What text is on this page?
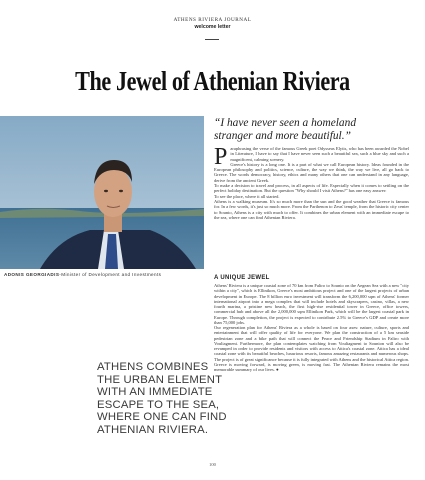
ATHENS RIVIERA JOURNAL
welcome letter
The Jewel of Athenian Riviera
ADONIS GEORGIADIS-Minister of Development and Investments
“I have never seen a homeland
stranger and more beautiful.”
Paraphrasing the verse of the famous Greek poet Odysseas Elytis, who has been awarded the Nobel in Literature, I have to say that I have never seen such a beautiful sea, such a blue sky and such a magnificent, calming scenery.
Greece's history is a long one. It is a part of what we call European history. Ideas founded in the European philosophy and politics, science, culture, the way we think, the way we live, all go back to Greece. The words democracy, history, ethics and many others that one can understand in any language, derive from the ancient Greek.
To make a decision to travel and process, in all aspects of life. Especially when it comes to settling on the perfect holiday destination. But the question "Why should I visit Athens?" has one easy answer:
To see the place, where it all started.
Athens is a walking museum. It's so much more than the sun and the good weather that Greece is famous for. In a few words, it's just so much more. From the Parthenon to Zeus' temple, from the historic city center to Sounio, Athens is a city with much to offer. It combines the urban element with an immediate escape to the sea, where one can find Athenian Riviera.
ATHENS COMBINES
THE URBAN ELEMENT
WITH AN IMMEDIATE
ESCAPE TO THE SEA,
WHERE ONE CAN FIND
ATHENIAN RIVIERA.
A UNIQUE JEWEL
Athens' Riviera is a unique coastal zone of 70 km from Faliro to Sounio on the Aegean Sea with a new "city within a city", which is Ellinikon, Greece's most ambitious project and one of the largest projects of urban development in Europe. The 8 billion euro investment will transform the 6,200,000 sqm of Athens' former international airport into a mega complex that will include hotels and skyscrapers, casino, villas, a new fourth marina, a pristine new beach, the first high-rise residential tower in Greece, office towers, commercial hub and above all the 2,000,000 sqm Ellinikon Park, which will be the largest coastal park in Europe. Through completion, the project is expected to contribute 2.5% to Greece's GDP and create more than 75,000 jobs.
Our regeneration plan for Athens' Riviera as a whole is based on four axes: nature, culture, sports and entertainment that will offer quality of life for everyone. We plan the construction of a 5 km seaside pedestrian zone and a bike path that will connect the Peace and Friendship Stadium in Faliro with Vouliagmeni. Furthermore, the plan contemplates watching from Vouliagmeni to Sounion will also be revamped in order to provide residents and visitors with access to Attica's coastal zone. Attica has a ideal coastal zone with its beautiful beaches, luxurious resorts, famous amazing restaurants and numerous shops. The project is of great significance because it is fully integrated with Athens and the historical Attica region. Greece is moving forward, is moving green, is moving fast. The Athenian Riviera remains the most memorable summary of our lives. ●
100
